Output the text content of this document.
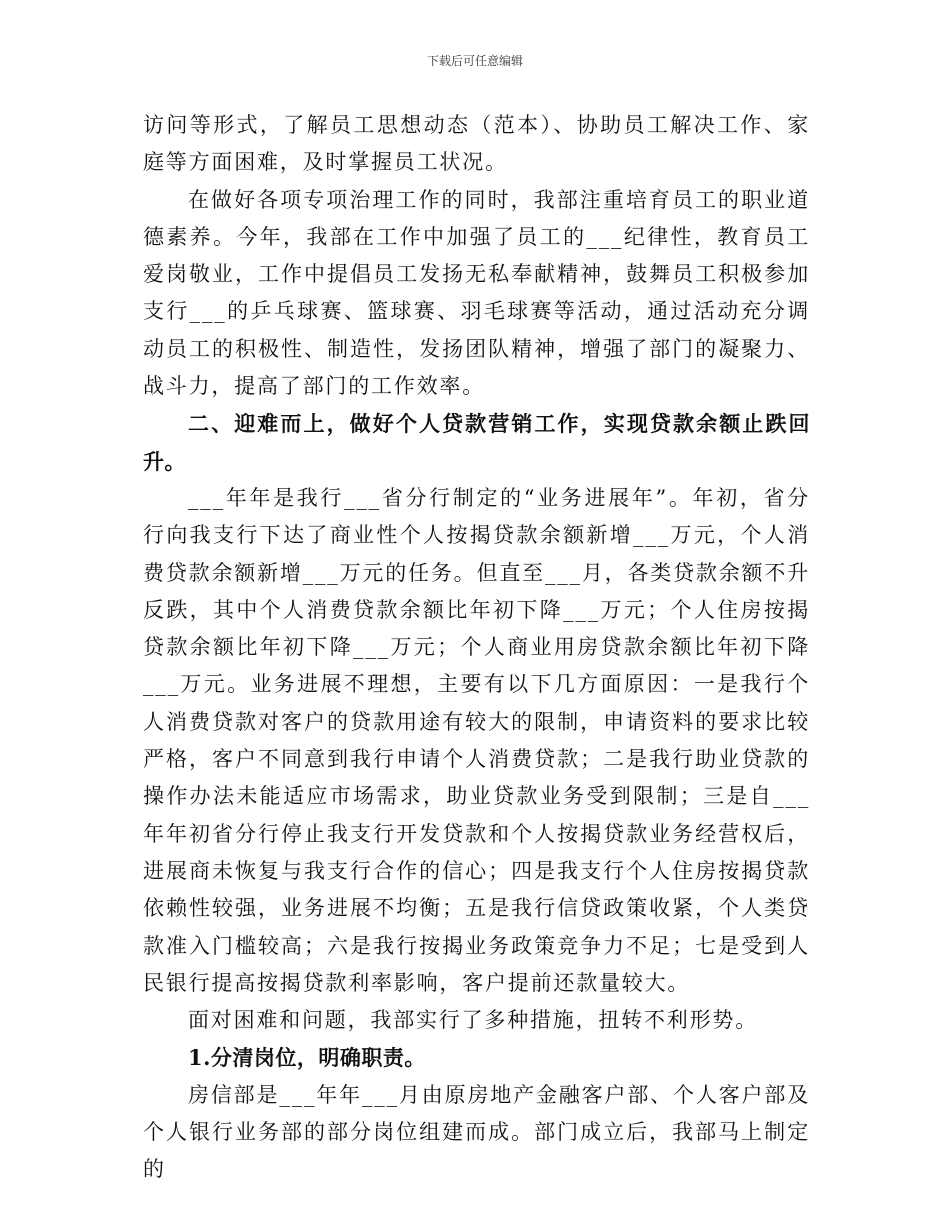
下载后可任意编辑

访问等形式，了解员工思想动态（范本）、协助员工解决工作、家庭等方面困难，及时掌握员工状况。

在做好各项专项治理工作的同时，我部注重培育员工的职业道德素养。今年，我部在工作中加强了员工的___纪律性，教育员工爱岗敬业，工作中提倡员工发扬无私奉献精神，鼓舞员工积极参加支行___的乒乓球赛、篮球赛、羽毛球赛等活动，通过活动充分调动员工的积极性、制造性，发扬团队精神，增强了部门的凝聚力、战斗力，提高了部门的工作效率。

二、迎难而上，做好个人贷款营销工作，实现贷款余额止跌回升。

___年年是我行___省分行制定的“业务进展年”。年初，省分行向我支行下达了商业性个人按揭贷款余额新增___万元，个人消费贷款余额新增___万元的任务。但直至___月，各类贷款余额不升反跌，其中个人消费贷款余额比年初下降___万元；个人住房按揭贷款余额比年初下降___万元；个人商业用房贷款余额比年初下降___万元。业务进展不理想，主要有以下几方面原因：一是我行个人消费贷款对客户的贷款用途有较大的限制，申请资料的要求比较严格，客户不同意到我行申请个人消费贷款；二是我行助业贷款的操作办法未能适应市场需求，助业贷款业务受到限制；三是自___年年初省分行停止我支行开发贷款和个人按揭贷款业务经营权后，进展商未恢复与我支行合作的信心；四是我支行个人住房按揭贷款依赖性较强，业务进展不均衡；五是我行信贷政策收紧，个人类贷款准入门槛较高；六是我行按揭业务政策竞争力不足；七是受到人民银行提高按揭贷款利率影响，客户提前还款量较大。

面对困难和问题，我部实行了多种措施，扭转不利形势。

1.分清岗位，明确职责。

房信部是___年年___月由原房地产金融客户部、个人客户部及个人银行业务部的部分岗位组建而成。部门成立后，我部马上制定的
